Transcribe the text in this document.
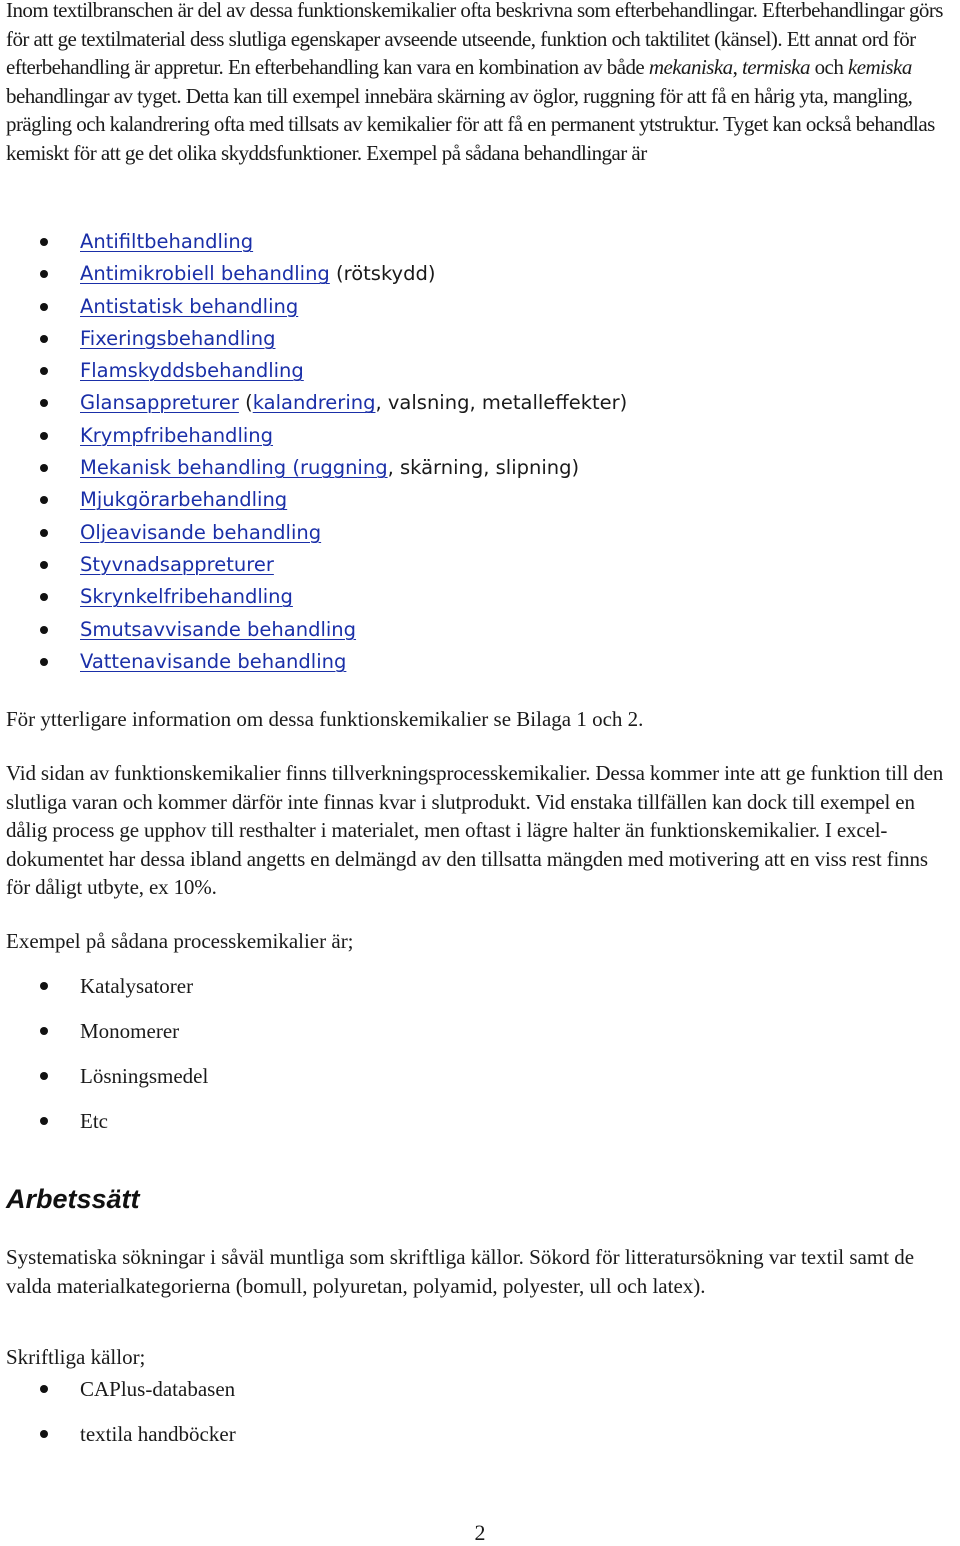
Inom textilbranschen är del av dessa funktionskemikalier ofta beskrivna som efterbehandlingar. Efterbehandlingar görs för att ge textilmaterial dess slutliga egenskaper avseende utseende, funktion och taktilitet (känsel). Ett annat ord för efterbehandling är appretur. En efterbehandling kan vara en kombination av både mekaniska, termiska och kemiska behandlingar av tyget. Detta kan till exempel innebära skärning av öglor, ruggning för att få en hårig yta, mangling, prägling och kalandrering ofta med tillsats av kemikalier för att få en permanent ytstruktur. Tyget kan också behandlas kemiskt för att ge det olika skyddsfunktioner. Exempel på sådana behandlingar är

Antifiltbehandling
Antimikrobiell behandling (rötskydd)
Antistatisk behandling
Fixeringsbehandling
Flamskyddsbehandling
Glansappreturer (kalandrering, valsning, metalleffekter)
Krympfribehandling
Mekanisk behandling (ruggning, skärning, slipning)
Mjukgörarbehandling
Oljeavisande behandling
Styvnadsappreturer
Skrynkelfribehandling
Smutsavvisande behandling
Vattenavisande behandling

För ytterligare information om dessa funktionskemikalier se Bilaga 1 och 2.

Vid sidan av funktionskemikalier finns tillverkningsprocesskemikalier. Dessa kommer inte att ge funktion till den slutliga varan och kommer därför inte finnas kvar i slutprodukt. Vid enstaka tillfällen kan dock till exempel en dålig process ge upphov till resthalter i materialet, men oftast i lägre halter än funktionskemikalier. I excel-dokumentet har dessa ibland angetts en delmängd av den tillsatta mängden med motivering att en viss rest finns för dåligt utbyte, ex 10%.

Exempel på sådana processkemikalier är;

Katalysatorer
Monomerer
Lösningsmedel
Etc
Arbetssätt

Systematiska sökningar i såväl muntliga som skriftliga källor. Sökord för litteratursökning var textil samt de valda materialkategorierna (bomull, polyuretan, polyamid, polyester, ull och latex).

Skriftliga källor;

CAPlus-databasen
textila handböcker
2
